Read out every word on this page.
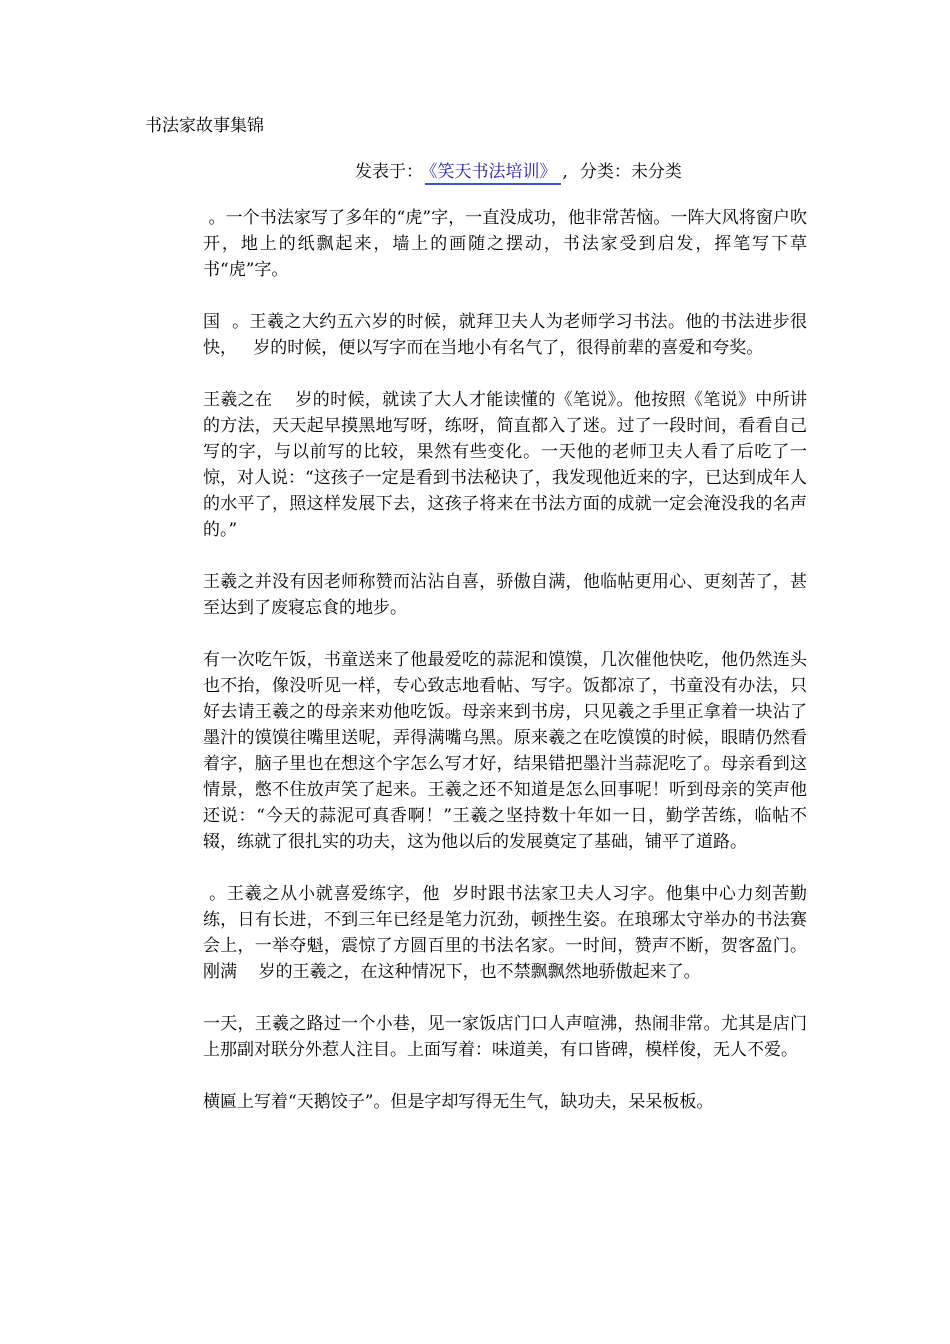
书法家故事集锦
发表于： 《笑天书法培训》 , 分类：未分类

。一个书法家写了多年的“虎”字，一直没成功，他非常苦恼。一阵大风将窗户吹开，地上的纸飘起来，墙上的画随之摆动，书法家受到启发，挥笔写下草书“虎”字。

国  。王羲之大约五六岁的时候，就拜卫夫人为老师学习书法。他的书法进步很快，   岁的时候，便以写字而在当地小有名气了，很得前辈的喜爱和夸奖。

王羲之在    岁的时候，就读了大人才能读懂的《笔说》。他按照《笔说》中所讲的方法，天天起早摸黑地写呀，练呀，简直都入了迷。过了一段时间，看看自己写的字，与以前写的比较，果然有些变化。一天他的老师卫夫人看了后吃了一惊，对人说：“这孩子一定是看到书法秘诀了，我发现他近来的字，已达到成年人的水平了，照这样发展下去，这孩子将来在书法方面的成就一定会淹没我的名声的。”

王羲之并没有因老师称赞而沾沾自喜，骄傲自满，他临帖更用心、更刻苦了，甚至达到了废寝忘食的地步。

有一次吃午饭，书童送来了他最爱吃的蒜泥和馍馍，几次催他快吃，他仍然连头也不抬，像没听见一样，专心致志地看帖、写字。饭都凉了，书童没有办法，只好去请王羲之的母亲来劝他吃饭。母亲来到书房，只见羲之手里正拿着一块沾了墨汁的馍馍往嘴里送呢，弄得满嘴乌黑。原来羲之在吃馍馍的时候，眼睛仍然看着字，脑子里也在想这个字怎么写才好，结果错把墨汁当蒜泥吃了。母亲看到这情景，憋不住放声笑了起来。王羲之还不知道是怎么回事呢！听到母亲的笑声他还说：“今天的蒜泥可真香啊！”王羲之坚持数十年如一日，勤学苦练，临帖不辍，练就了很扎实的功夫，这为他以后的发展奠定了基础，铺平了道路。

。王羲之从小就喜爱练字，他  岁时跟书法家卫夫人习字。他集中心力刻苦勤练，日有长进，不到三年已经是笔力沉劲，顿挫生姿。在琅琊太守举办的书法赛会上，一举夺魁，震惊了方圆百里的书法名家。一时间，赞声不断，贺客盈门。刚满    岁的王羲之，在这种情况下，也不禁飘飘然地骄傲起来了。

一天，王羲之路过一个小巷，见一家饭店门口人声喧沸，热闹非常。尤其是店门上那副对联分外惹人注目。上面写着：味道美，有口皆碑，模样俊，无人不爱。

横匾上写着“天鹅饺子”。但是字却写得无生气，缺功夫，呆呆板板。
